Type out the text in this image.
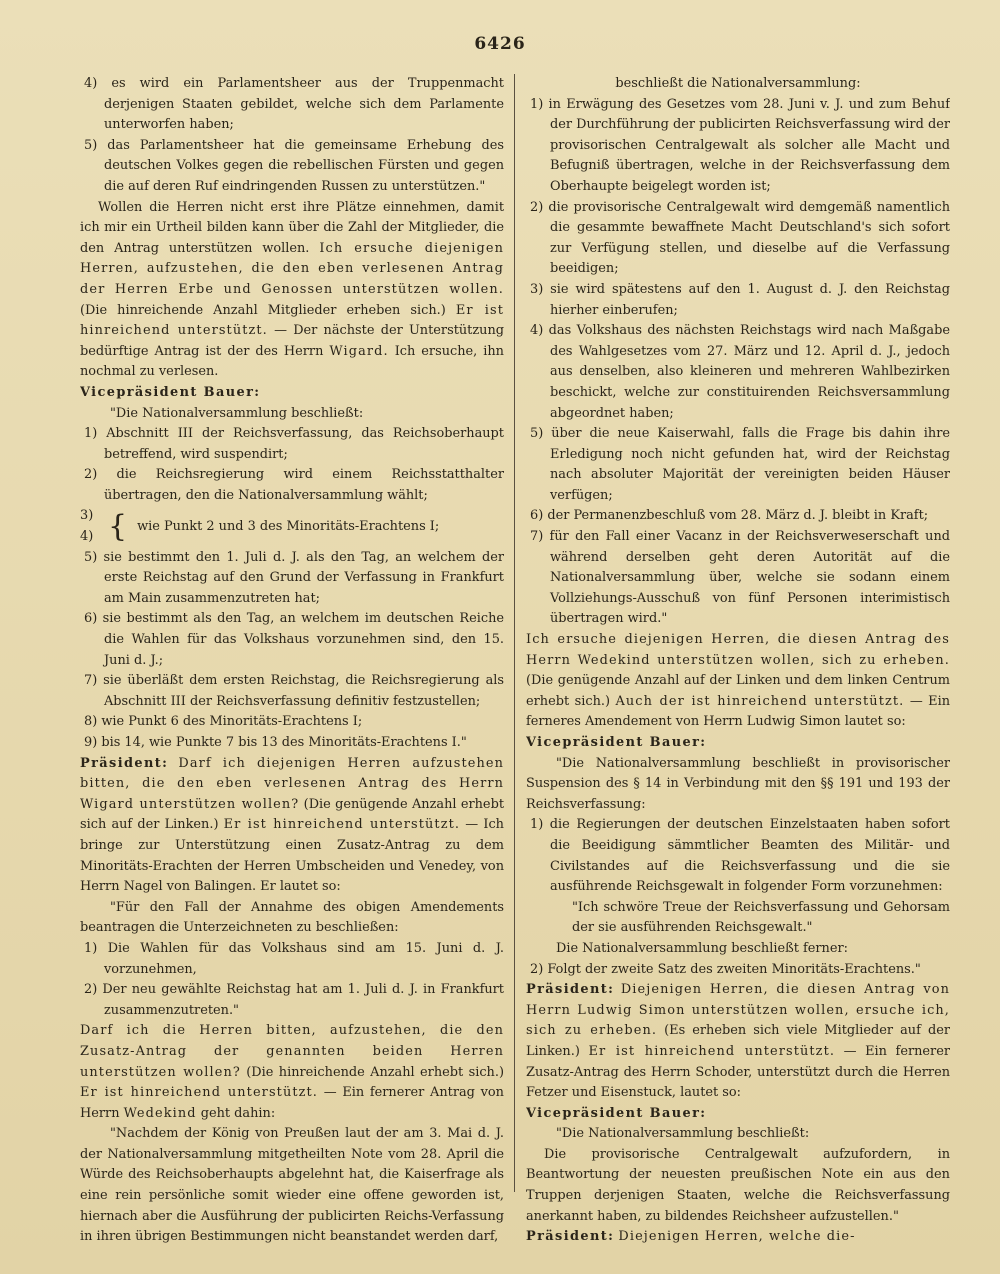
6426

4) es wird ein Parlamentsheer aus der Truppenmacht derjenigen Staaten gebildet, welche sich dem Parlamente unterworfen haben;

5) das Parlamentsheer hat die gemeinsame Erhebung des deutschen Volkes gegen die rebellischen Fürsten und gegen die auf deren Ruf eindringenden Russen zu unterstützen."

Wollen die Herren nicht erst ihre Plätze einnehmen, damit ich mir ein Urtheil bilden kann über die Zahl der Mitglieder, die den Antrag unterstützen wollen. Ich ersuche diejenigen Herren, aufzustehen, die den eben verlesenen Antrag der Herren Erbe und Genossen unterstützen wollen. (Die hinreichende Anzahl Mitglieder erheben sich.) Er ist hinreichend unterstützt. — Der nächste der Unterstützung bedürftige Antrag ist der des Herrn Wigard. Ich ersuche, ihn nochmal zu verlesen.

Vicepräsident Bauer:

"Die Nationalversammlung beschließt:

1) Abschnitt III der Reichsverfassung, das Reichsoberhaupt betreffend, wird suspendirt;

2) die Reichsregierung wird einem Reichsstatthalter übertragen, den die Nationalversammlung wählt;

3)
4) { wie Punkt 2 und 3 des Minoritäts-Erachtens I;

5) sie bestimmt den 1. Juli d. J. als den Tag, an welchem der erste Reichstag auf den Grund der Verfassung in Frankfurt am Main zusammenzutreten hat;

6) sie bestimmt als den Tag, an welchem im deutschen Reiche die Wahlen für das Volkshaus vorzunehmen sind, den 15. Juni d. J.;

7) sie überläßt dem ersten Reichstag, die Reichsregierung als Abschnitt III der Reichsverfassung definitiv festzustellen;

8) wie Punkt 6 des Minoritäts-Erachtens I;

9) bis 14, wie Punkte 7 bis 13 des Minoritäts-Erachtens I."

Präsident: Darf ich diejenigen Herren aufzustehen bitten, die den eben verlesenen Antrag des Herrn Wigard unterstützen wollen? (Die genügende Anzahl erhebt sich auf der Linken.) Er ist hinreichend unterstützt. — Ich bringe zur Unterstützung einen Zusatz-Antrag zu dem Minoritäts-Erachten der Herren Umbscheiden und Venedey, von Herrn Nagel von Balingen. Er lautet so:

"Für den Fall der Annahme des obigen Amendements beantragen die Unterzeichneten zu beschließen:

1) Die Wahlen für das Volkshaus sind am 15. Juni d. J. vorzunehmen,

2) Der neu gewählte Reichstag hat am 1. Juli d. J. in Frankfurt zusammenzutreten."

Darf ich die Herren bitten, aufzustehen, die den Zusatz-Antrag der genannten beiden Herren unterstützen wollen? (Die hinreichende Anzahl erhebt sich.) Er ist hinreichend unterstützt. — Ein fernerer Antrag von Herrn Wedekind geht dahin:

"Nachdem der König von Preußen laut der am 3. Mai d. J. der Nationalversammlung mitgetheilten Note vom 28. April die Würde des Reichsoberhaupts abgelehnt hat, die Kaiserfrage als eine rein persönliche somit wieder eine offene geworden ist, hiernach aber die Ausführung der publicirten Reichs-Verfassung in ihren übrigen Bestimmungen nicht beanstandet werden darf,

beschließt die Nationalversammlung:

1) in Erwägung des Gesetzes vom 28. Juni v. J. und zum Behuf der Durchführung der publicirten Reichsverfassung wird der provisorischen Centralgewalt als solcher alle Macht und Befugniß übertragen, welche in der Reichsverfassung dem Oberhaupte beigelegt worden ist;

2) die provisorische Centralgewalt wird demgemäß namentlich die gesammte bewaffnete Macht Deutschland's sich sofort zur Verfügung stellen, und dieselbe auf die Verfassung beeidigen;

3) sie wird spätestens auf den 1. August d. J. den Reichstag hierher einberufen;

4) das Volkshaus des nächsten Reichstags wird nach Maßgabe des Wahlgesetzes vom 27. März und 12. April d. J., jedoch aus denselben, also kleineren und mehreren Wahlbezirken beschickt, welche zur constituirenden Reichsversammlung abgeordnet haben;

5) über die neue Kaiserwahl, falls die Frage bis dahin ihre Erledigung noch nicht gefunden hat, wird der Reichstag nach absoluter Majorität der vereinigten beiden Häuser verfügen;

6) der Permanenzbeschluß vom 28. März d. J. bleibt in Kraft;

7) für den Fall einer Vacanz in der Reichsverweserschaft und während derselben geht deren Autorität auf die Nationalversammlung über, welche sie sodann einem Vollziehungs-Ausschuß von fünf Personen interimistisch übertragen wird."

Ich ersuche diejenigen Herren, die diesen Antrag des Herrn Wedekind unterstützen wollen, sich zu erheben. (Die genügende Anzahl auf der Linken und dem linken Centrum erhebt sich.) Auch der ist hinreichend unterstützt. — Ein ferneres Amendement von Herrn Ludwig Simon lautet so:

Vicepräsident Bauer:

"Die Nationalversammlung beschließt in provisorischer Suspension des § 14 in Verbindung mit den §§ 191 und 193 der Reichsverfassung:

1) die Regierungen der deutschen Einzelstaaten haben sofort die Beeidigung sämmtlicher Beamten des Militär- und Civilstandes auf die Reichsverfassung und die sie ausführende Reichsgewalt in folgender Form vorzunehmen:

"Ich schwöre Treue der Reichsverfassung und Gehorsam der sie ausführenden Reichsgewalt."

Die Nationalversammlung beschließt ferner:

2) Folgt der zweite Satz des zweiten Minoritäts-Erachtens."

Präsident: Diejenigen Herren, die diesen Antrag von Herrn Ludwig Simon unterstützen wollen, ersuche ich, sich zu erheben. (Es erheben sich viele Mitglieder auf der Linken.) Er ist hinreichend unterstützt. — Ein fernerer Zusatz-Antrag des Herrn Schoder, unterstützt durch die Herren Fetzer und Eisenstuck, lautet so:

Vicepräsident Bauer:

"Die Nationalversammlung beschließt:

Die provisorische Centralgewalt aufzufordern, in Beantwortung der neuesten preußischen Note ein aus den Truppen derjenigen Staaten, welche die Reichsverfassung anerkannt haben, zu bildendes Reichsheer aufzustellen."

Präsident: Diejenigen Herren, welche die-
